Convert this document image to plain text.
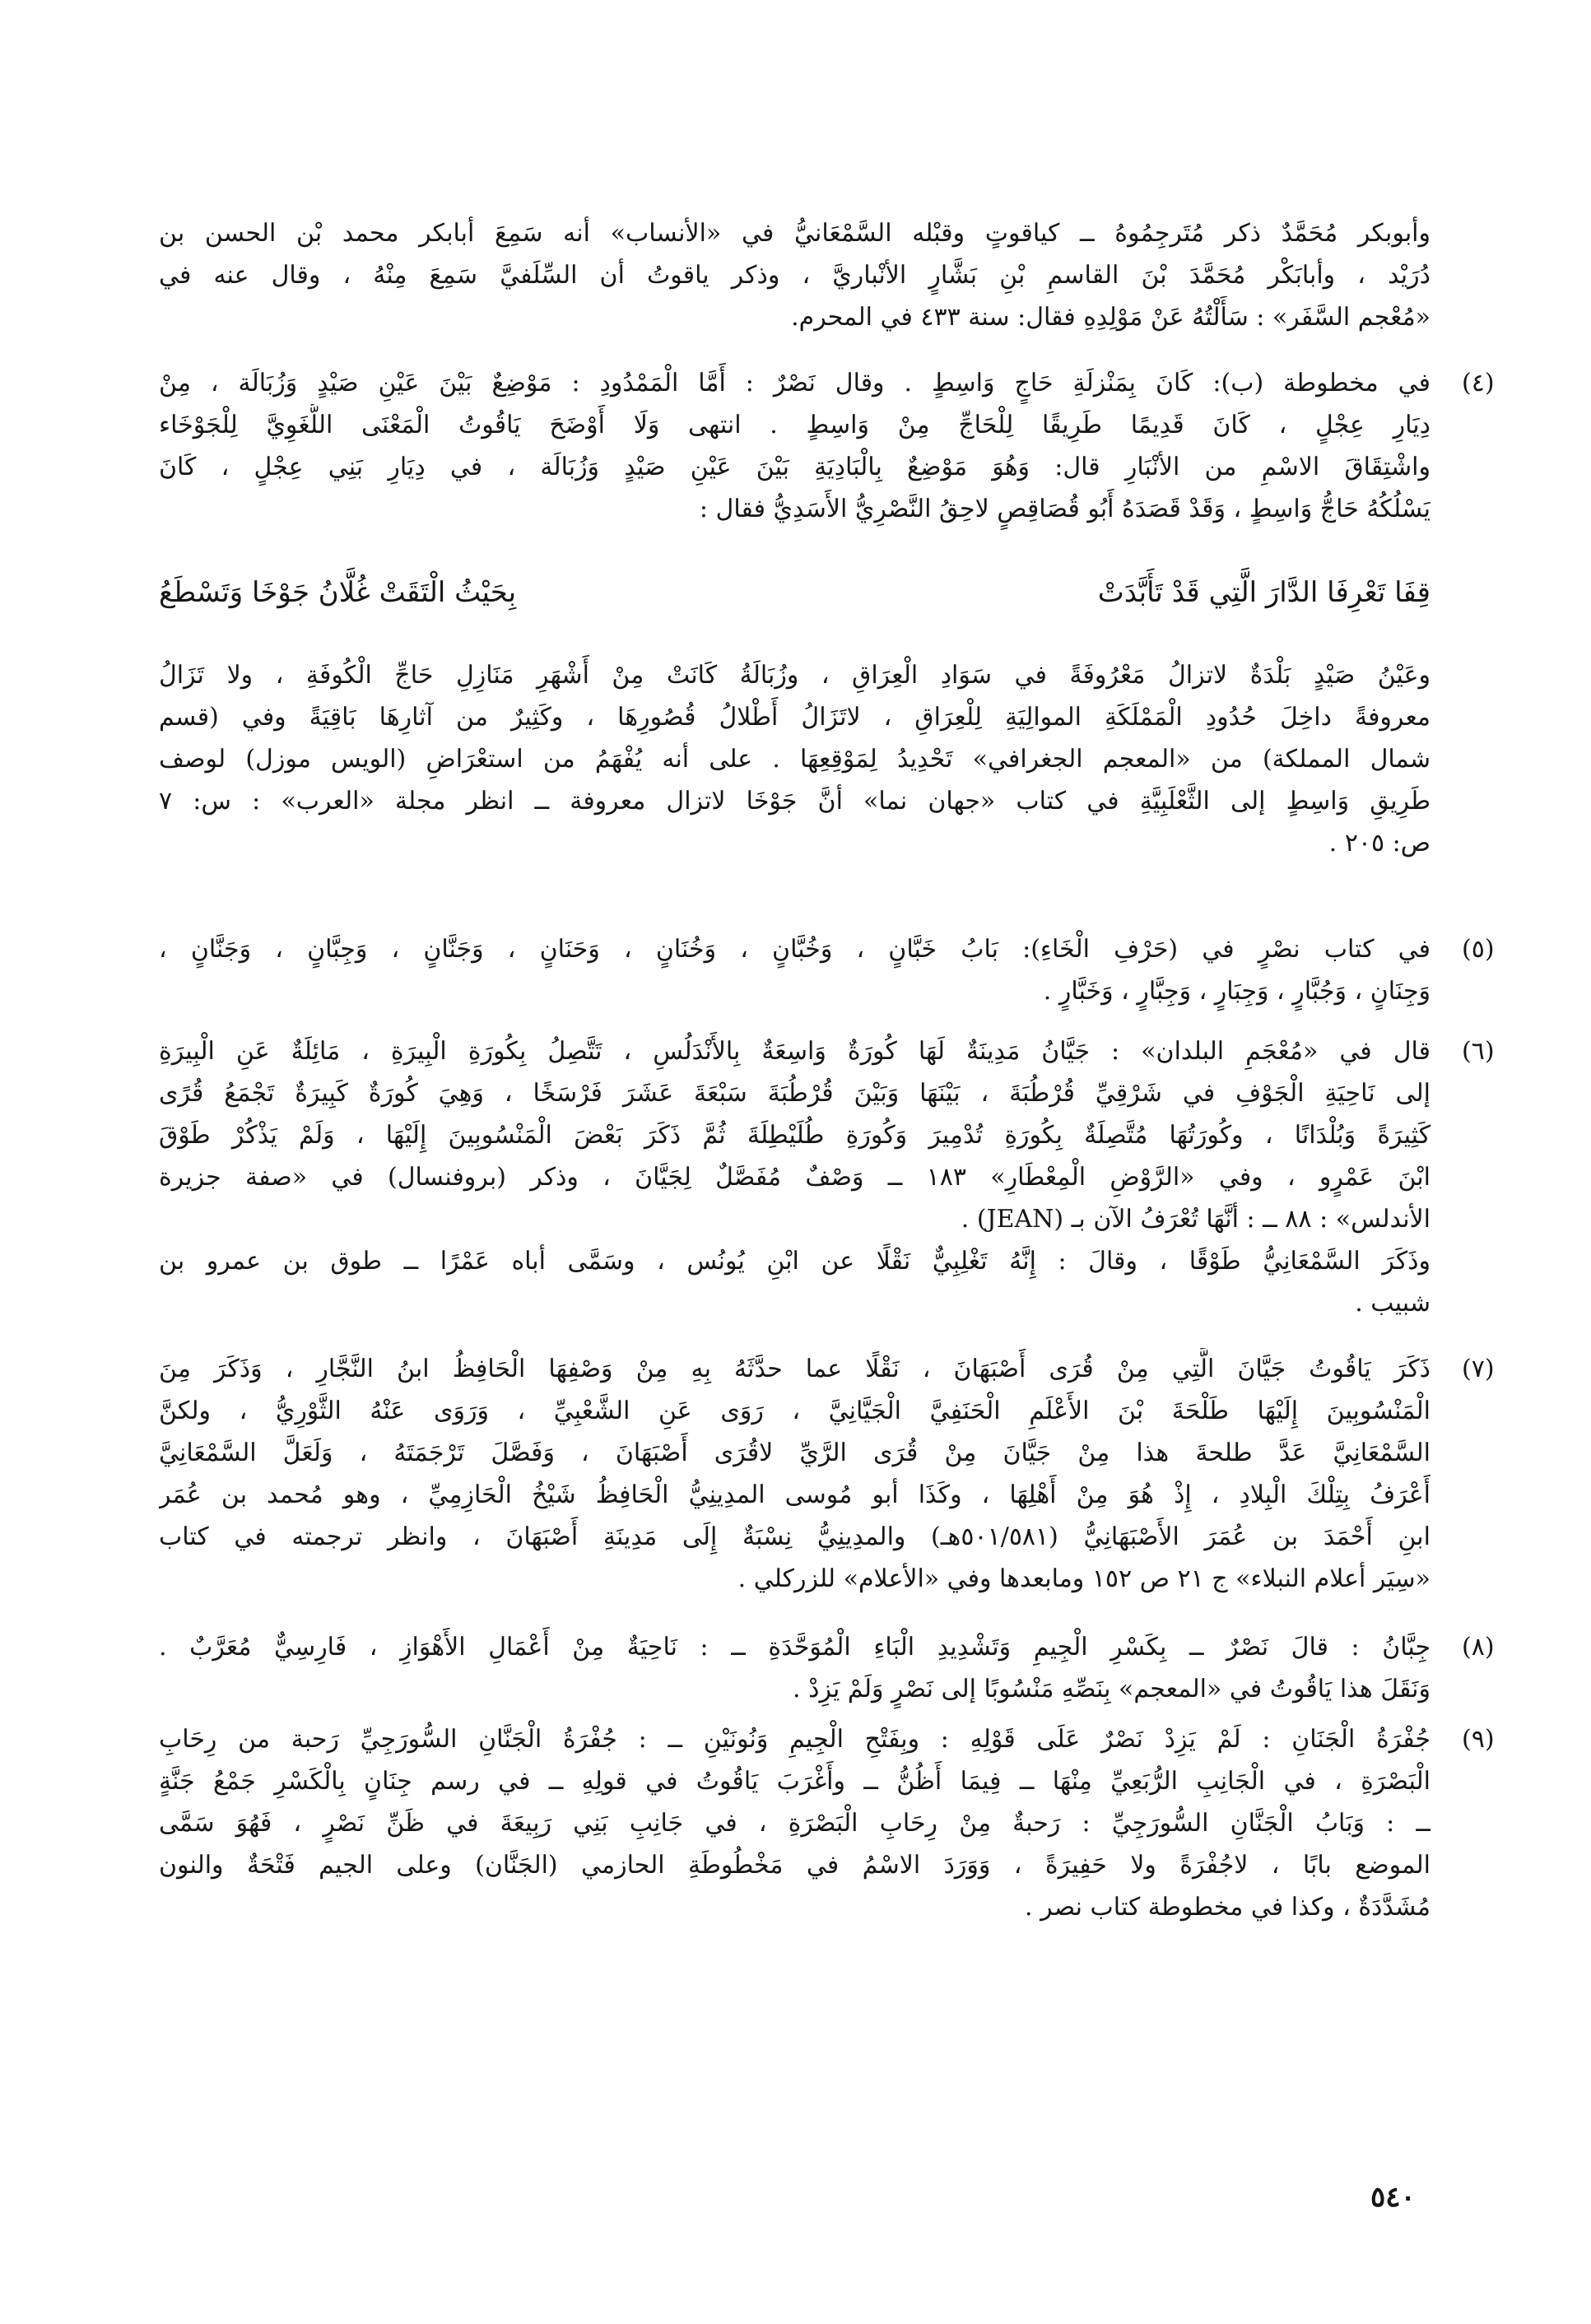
وأبوبكر مُحَمَّدٌ ذكر مُتَرجِمُوهُ ــ كياقوتٍ وقبْله السَّمْعَانيُّ في «الأنساب» أنه سَمِعَ أبابكر محمد بْن الحسن بن
دُرَيْد ، وأبابَكْر مُحَمَّدَ بْنَ القاسمِ بْنِ بَشَّارٍ الأنْباريَّ ، وذكر ياقوتُ أن السِّلَفيَّ سَمِعَ مِنْهُ ، وقال عنه في
«مُعْجم السَّفَر» : سَأَلْتُهُ عَنْ مَوْلِدِهِ فقال: سنة ٤٣٣ في المحرم.
(٤)
في مخطوطة (ب): كَانَ بِمَنْزلَةِ حَاجٍ وَاسِطٍ . وقال نَصْرٌ : أَمَّا الْمَمْدُودِ : مَوْضِعٌ بَيْنَ عَيْنِ صَيْدٍ وَزُبَالَة ، مِنْ
دِيَارِ عِجْلٍ ، كَانَ قَدِيمًا طَرِيقًا لِلْحَاجِّ مِنْ وَاسِطٍ . انتهى وَلَا أَوْضَحَ يَاقُوتُ الْمَعْنَى اللُّغَوِيَّ لِلْجَوْخَاء
واشْتِقَاقَ الاسْمِ من الأنْبَارِ قال: وَهُوَ مَوْضِعٌ بِالْبَادِيَةِ بَيْنَ عَيْنِ صَيْدٍ وَزُبَالَة ، في دِيَارِ بَنِي عِجْلٍ ، كَانَ
يَسْلُكُهُ حَاجُّ وَاسِطٍ ، وَقَدْ قَصَدَهُ أَبُو قُصَاقِصٍ لاحِقُ النَّصْرِيُّ الأَسَدِيُّ فقال :
قِفَا تَعْرِفَا الدَّارَ الَّتِي قَدْ تَأَبَّدَتْ
بِحَيْثُ الْتَقَتْ غُلَّانُ جَوْخَا وَتَسْطَعُ
وعَيْنُ صَيْدٍ بَلْدَةٌ لاتزالُ مَعْرُوفَةً في سَوَادِ الْعِرَاقِ ، وزُبَالَةُ كَانَتْ مِنْ أَشْهَرِ مَنَازِلِ حَاجِّ الْكُوفَةِ ، ولا تَزَالُ
معروفةً داخِلَ حُدُودِ الْمَمْلَكَةِ الموالِيَةِ لِلْعِرَاقِ ، لاتَزَالُ أَطْلالُ قُصُورِهَا ، وكَثِيرٌ من آثارِهَا بَاقِيَةً وفي (قسم
شمال المملكة) من «المعجم الجغرافي» تَحْدِيدُ لِمَوْقِعِهَا . على أنه يُفْهَمُ من استعْرَاضِ (الويس موزل) لوصف
طَرِيقِ وَاسِطٍ إلى الثَّعْلَبِيَّةِ في كتاب «جهان نما» أنَّ جَوْخَا لاتزال معروفة ــ انظر مجلة «العرب» : س: ٧
ص: ٢٠٥ .
(٥)
في كتاب نصْرٍ في (حَرْفِ الْخَاءِ): بَابُ خَبَّانٍ ، وَخُبَّانٍ ، وَخُنَانٍ ، وَحَنَانٍ ، وَجَنَّانٍ ، وَجِبَّانٍ ، وَجَنَّانٍ ،
وَجِنَانٍ ، وَجُبَّارٍ ، وَجِبَارٍ ، وَجِبَّارٍ ، وَخَبَّارٍ .
(٦)
قال في «مُعْجَمِ البلدان» : جَيَّانُ مَدِينَةٌ لَهَا كُورَةٌ وَاسِعَةٌ بِالأَنْدَلُسِ ، تَتَّصِلُ بِكُورَةِ الْبِيرَةِ ، مَائِلَةٌ عَنِ الْبِيرَةِ
إلى نَاحِيَةِ الْجَوْفِ في شَرْقِيِّ قُرْطُبَةَ ، بَيْنَهَا وَبَيْنَ قُرْطُبَةَ سَبْعَةَ عَشَرَ فَرْسَخًا ، وَهِيَ كُورَةٌ كَبِيرَةٌ تَجْمَعُ قُرًى
كَثِيرَةً وَبُلْدَانًا ، وكُورَتُهَا مُتَّصِلَةٌ بِكُورَةِ تُدْمِيرَ وَكُورَةِ طُلَيْطِلَةَ ثُمَّ ذَكَرَ بَعْضَ الْمَنْسُوبِينَ إِلَيْهَا ، وَلَمْ يَذْكُرْ طَوْقَ
ابْنَ عَمْرٍو ، وفي «الرَّوْضِ الْمِعْطَارِ» ١٨٣ ــ وَصْفٌ مُفَصَّلٌ لِجَيَّانَ ، وذكر (بروفنسال) في «صفة جزيرة
الأندلس» : ٨٨ ــ : أنَّهَا تُعْرَفُ الآن بـ (JEAN) .
وذَكَرَ السَّمْعَانِيُّ طَوْقًا ، وقالَ : إِنَّهُ تَغْلِبِيٌّ نَقْلًا عن ابْنِ يُونُس ، وسَمَّى أباه عَمْرًا ــ طوق بن عمرو بن
شبيب .
(٧)
ذَكَرَ يَاقُوتُ جَيَّانَ الَّتِي مِنْ قُرَى أَصْبَهَانَ ، نَقْلًا عما حدَّثَهُ بِهِ مِنْ وَصْفِهَا الْحَافِظُ ابنُ النَّجَّارِ ، وَذَكَرَ مِنَ
الْمَنْسُوبِينَ إِلَيْهَا طَلْحَةَ بْنَ الأَعْلَمِ الْحَنَفِيَّ الْجَيَّانِيَّ ، رَوَى عَنِ الشَّعْبِيِّ ، وَرَوَى عَنْهُ الثَّوْرِيُّ ، ولكنَّ
السَّمْعَانِيَّ عَدَّ طلحةَ هذا مِنْ جَيَّانَ مِنْ قُرَى الرَّيِّ لاقُرَى أَصْبَهَانَ ، وَفَصَّلَ تَرْجَمَتَهُ ، وَلَعَلَّ السَّمْعَانِيَّ
أَعْرَفُ بِتِلْكَ الْبِلادِ ، إِذْ هُوَ مِنْ أَهْلِهَا ، وكَذَا أبو مُوسى المدِينِيُّ الْحَافِظُ شَيْخُ الْحَازِمِيِّ ، وهو مُحمد بن عُمَر
ابنِ أَحْمَدَ بن عُمَرَ الأَصْبَهَانِيُّ (٥٠١/٥٨١هـ) والمدِينِيُّ نِسْبَةٌ إِلَى مَدِينَةِ أَصْبَهَانَ ، وانظر ترجمته في كتاب
«سِيَر أعلام النبلاء» ج ٢١ ص ١٥٢ ومابعدها وفي «الأعلام» للزركلي .
(٨)
جِبَّانُ : قالَ نَصْرٌ ــ بِكَسْرِ الْجِيمِ وَتَشْدِيدِ الْبَاءِ الْمُوَحَّدَةِ ــ : نَاحِيَةٌ مِنْ أَعْمَالِ الأَهْوَازِ ، فَارِسِيٌّ مُعَرَّبٌ .
وَنَقَلَ هذا يَاقُوتُ في «المعجم» بِنَصِّهِ مَنْسُوبًا إلى نَصْرٍ وَلَمْ يَزِدْ .
(٩)
جُفْرَةُ الْجَنَانِ : لَمْ يَزِدْ نَصْرٌ عَلَى قَوْلِهِ : وبِفَتْحِ الْجِيمِ وَنُونَيْنِ ــ : جُفْرَةُ الْجَنَّانِ السُّورَجِيِّ رَحبة من رِحَابِ
الْبَصْرَةِ ، في الْجَانِبِ الرُّبَعِيِّ مِنْهَا ــ فِيمَا أَظُنُّ ــ وأَغْرَبَ يَاقُوتُ في قولِهِ ــ في رسم جِنَانٍ بِالْكَسْرِ جَمْعُ جَنَّةٍ
ــ : وَبَابُ الْجَنَّانِ السُّورَجِيِّ : رَحبةٌ مِنْ رِحَابِ الْبَصْرَةِ ، في جَانِبِ بَنِي رَبِيعَةَ في ظَنِّ نَصْرٍ ، فَهُوَ سَمَّى
الموضع بابًا ، لاجُفْرَةً ولا حَفِيرَةً ، وَوَرَدَ الاسْمُ في مَخْطُوطَةِ الحازمي (الجَنَّان) وعلى الجيم فَتْحَةٌ والنون
مُشَدَّدَةٌ ، وكذا في مخطوطة كتاب نصر .
٥٤٠
